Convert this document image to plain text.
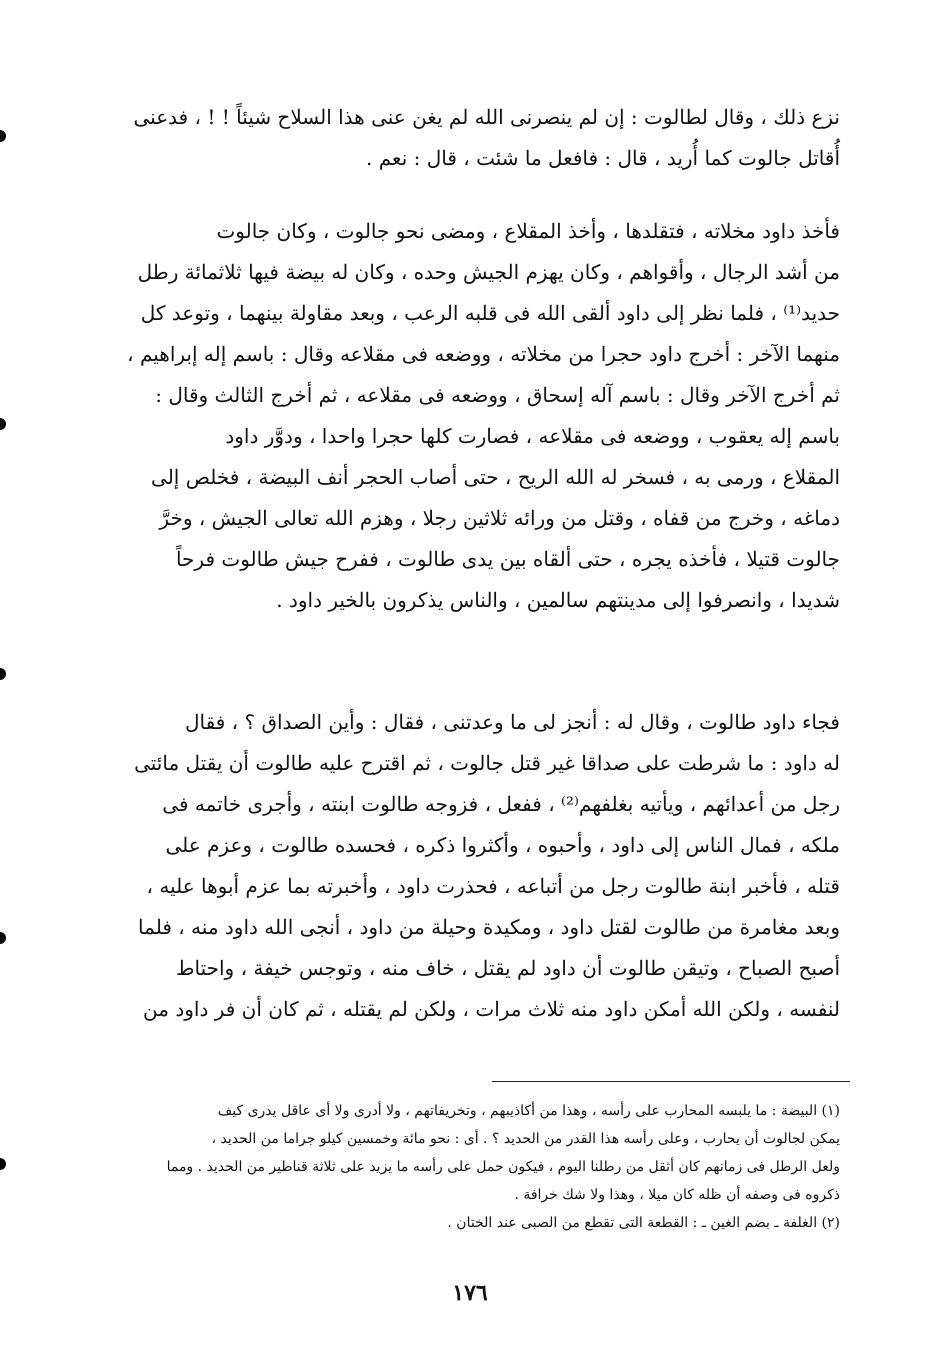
نزع ذلك ، وقال لطالوت : إن لم ينصرنى الله لم يغن عنى هذا السلاح شيئاً ! ! ، فدعنى
أُقاتل جالوت كما أُريد ، قال : فافعل ما شئت ، قال : نعم .
فأخذ داود مخلاته ، فتقلدها ، وأخذ المقلاع ، ومضى نحو جالوت ، وكان جالوت
من أشد الرجال ، وأقواهم ، وكان يهزم الجيش وحده ، وكان له بيضة فيها ثلاثمائة رطل
حديد⁽¹⁾ ، فلما نظر إلى داود ألقى الله فى قلبه الرعب ، وبعد مقاولة بينهما ، وتوعد كل
منهما الآخر : أخرج داود حجرا من مخلاته ، ووضعه فى مقلاعه وقال : باسم إله إبراهيم ،
ثم أخرج الآخر وقال : باسم آله إسحاق ، ووضعه فى مقلاعه ، ثم أخرج الثالث وقال :
باسم إله يعقوب ، ووضعه فى مقلاعه ، فصارت كلها حجرا واحدا ، ودوَّر داود
المقلاع ، ورمى به ، فسخر له الله الريح ، حتى أصاب الحجر أنف البيضة ، فخلص إلى
دماغه ، وخرج من قفاه ، وقتل من ورائه ثلاثين رجلا ، وهزم الله تعالى الجيش ، وخرَّ
جالوت قتيلا ، فأخذه يجره ، حتى ألقاه بين يدى طالوت ، ففرح جيش طالوت فرحاً
شديدا ، وانصرفوا إلى مدينتهم سالمين ، والناس يذكرون بالخير داود .
فجاء داود طالوت ، وقال له : أنجز لى ما وعدتنى ، فقال : وأين الصداق ؟ ، فقال
له داود : ما شرطت على صداقا غير قتل جالوت ، ثم اقترح عليه طالوت أن يقتل مائتى
رجل من أعدائهم ، ويأتيه بغلفهم⁽²⁾ ، ففعل ، فزوجه طالوت ابنته ، وأجرى خاتمه فى
ملكه ، فمال الناس إلى داود ، وأحبوه ، وأكثروا ذكره ، فحسده طالوت ، وعزم على
قتله ، فأخبر ابنة طالوت رجل من أتباعه ، فحذرت داود ، وأخبرته بما عزم أبوها عليه ،
وبعد مغامرة من طالوت لقتل داود ، ومكيدة وحيلة من داود ، أنجى الله داود منه ، فلما
أصبح الصباح ، وتيقن طالوت أن داود لم يقتل ، خاف منه ، وتوجس خيفة ، واحتاط
لنفسه ، ولكن الله أمكن داود منه ثلاث مرات ، ولكن لم يقتله ، ثم كان أن فر داود من
(١) البيضة : ما يلبسه المحارب على رأسه ، وهذا من أكاذيبهم ، وتخريفاتهم ، ولا أدرى ولا أى عاقل يدرى كيف
يمكن لجالوت أن يحارب ، وعلى رأسه هذا القدر من الحديد ؟ . أى : نحو مائة وخمسين كيلو جراما من الحديد ،
ولعل الرطل فى زمانهم كان أثقل من رطلنا اليوم ، فيكون حمل على رأسه ما يزيد على ثلاثة قناطير من الحديد . ومما
ذكروه فى وصفه أن ظله كان ميلا ، وهذا ولا شك خرافة .
(٢) الغلفة ـ بضم الغين ـ : القطعة التى تقطع من الصبى عند الختان .
١٧٦
